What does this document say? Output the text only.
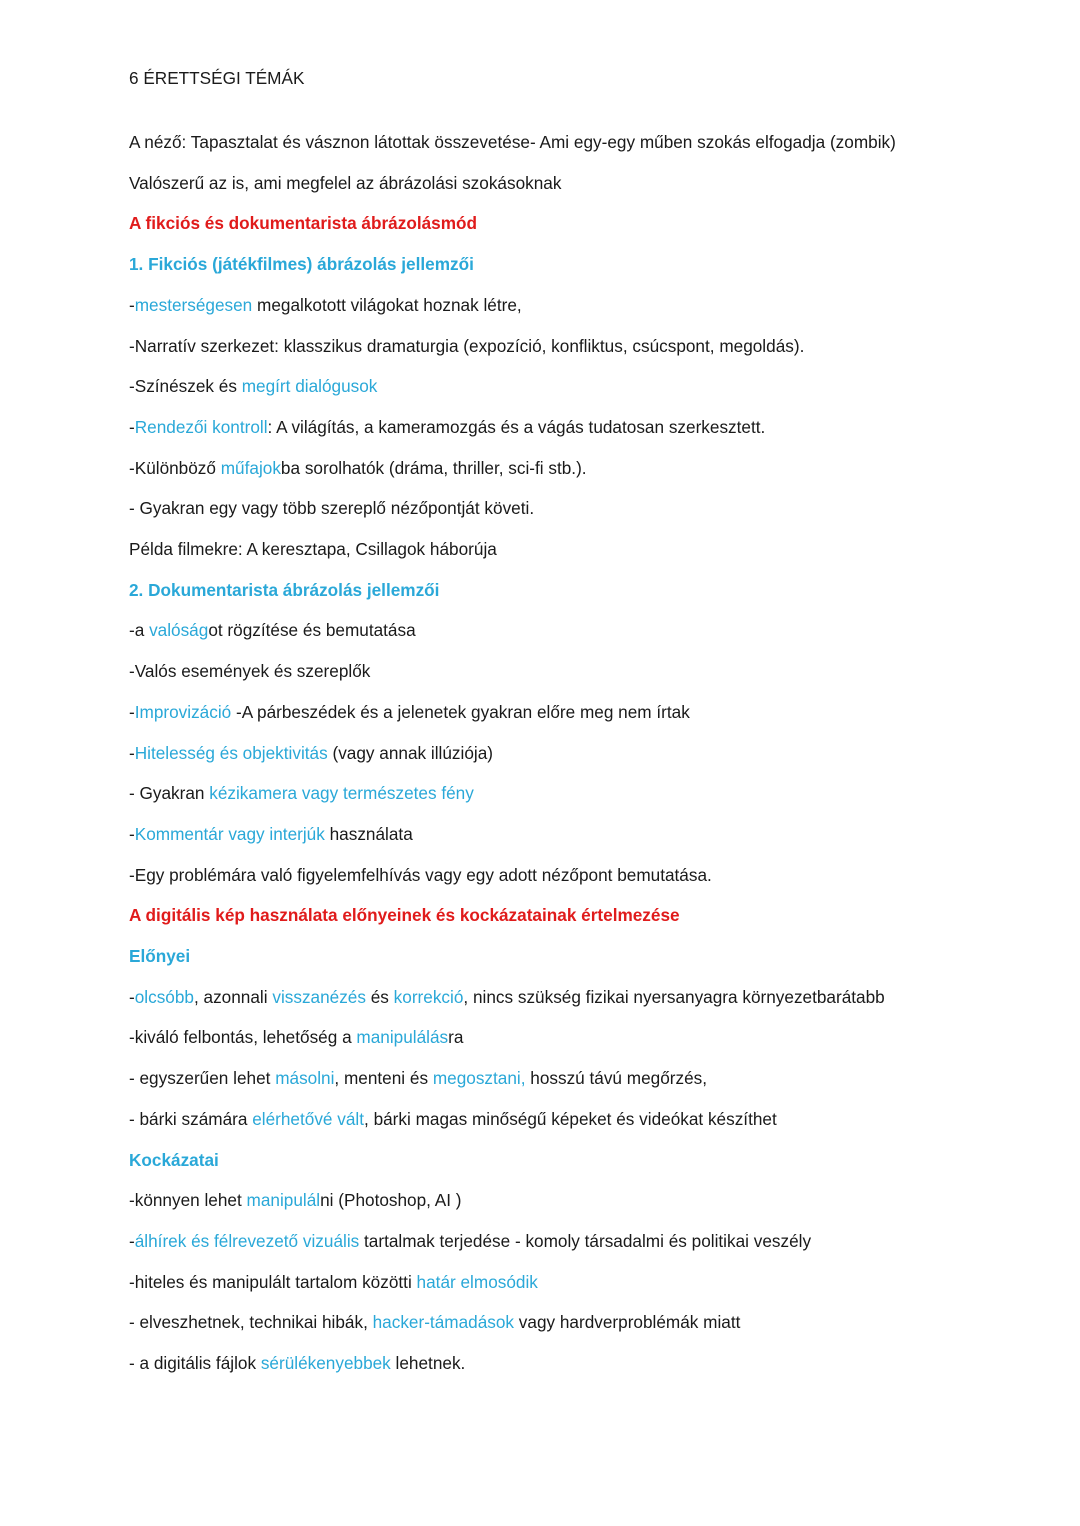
6 ÉRETTSÉGI TÉMÁK
A néző: Tapasztalat és vásznon látottak összevetése- Ami egy-egy műben szokás elfogadja (zombik)
Valószerű az is, ami megfelel az ábrázolási szokásoknak
A fikciós és dokumentarista ábrázolásmód
1. Fikciós (játékfilmes) ábrázolás jellemzői
-mesterségesen megalkotott világokat hoznak létre,
-Narratív szerkezet: klasszikus dramaturgia (expozíció, konfliktus, csúcspont, megoldás).
-Színészek és megírt dialógusok
-Rendezői kontroll: A világítás, a kameramozgás és a vágás tudatosan szerkesztett.
-Különböző műfajokba sorolhatók (dráma, thriller, sci-fi stb.).
- Gyakran egy vagy több szereplő nézőpontját követi.
Példa filmekre: A keresztapa, Csillagok háborúja
2. Dokumentarista ábrázolás jellemzői
-a valóságot rögzítése és bemutatása
-Valós események és szereplők
-Improvizáció -A párbeszédek és a jelenetek gyakran előre meg nem írtak
-Hitelesség és objektivitás (vagy annak illúziója)
- Gyakran kézikamera vagy természetes fény
-Kommentár vagy interjúk használata
-Egy problémára való figyelemfelhívás vagy egy adott nézőpont bemutatása.
A digitális kép használata előnyeinek és kockázatainak értelmezése
Előnyei
-olcsóbb, azonnali visszanézés és korrekció, nincs szükség fizikai nyersanyagra környezetbarátabb
-kiváló felbontás, lehetőség a manipulálásra
- egyszerűen lehet másolni, menteni és megosztani, hosszú távú megőrzés,
- bárki számára elérhetővé vált, bárki magas minőségű képeket és videókat készíthet
Kockázatai
-könnyen lehet manipulálni (Photoshop, AI )
-álhírek és félrevezető vizuális tartalmak terjedése - komoly társadalmi és politikai veszély
-hiteles és manipulált tartalom közötti határ elmosódik
- elveszhetnek, technikai hibák, hacker-támadások vagy hardverproblémák miatt
- a digitális fájlok sérülékenyebbek lehetnek.
